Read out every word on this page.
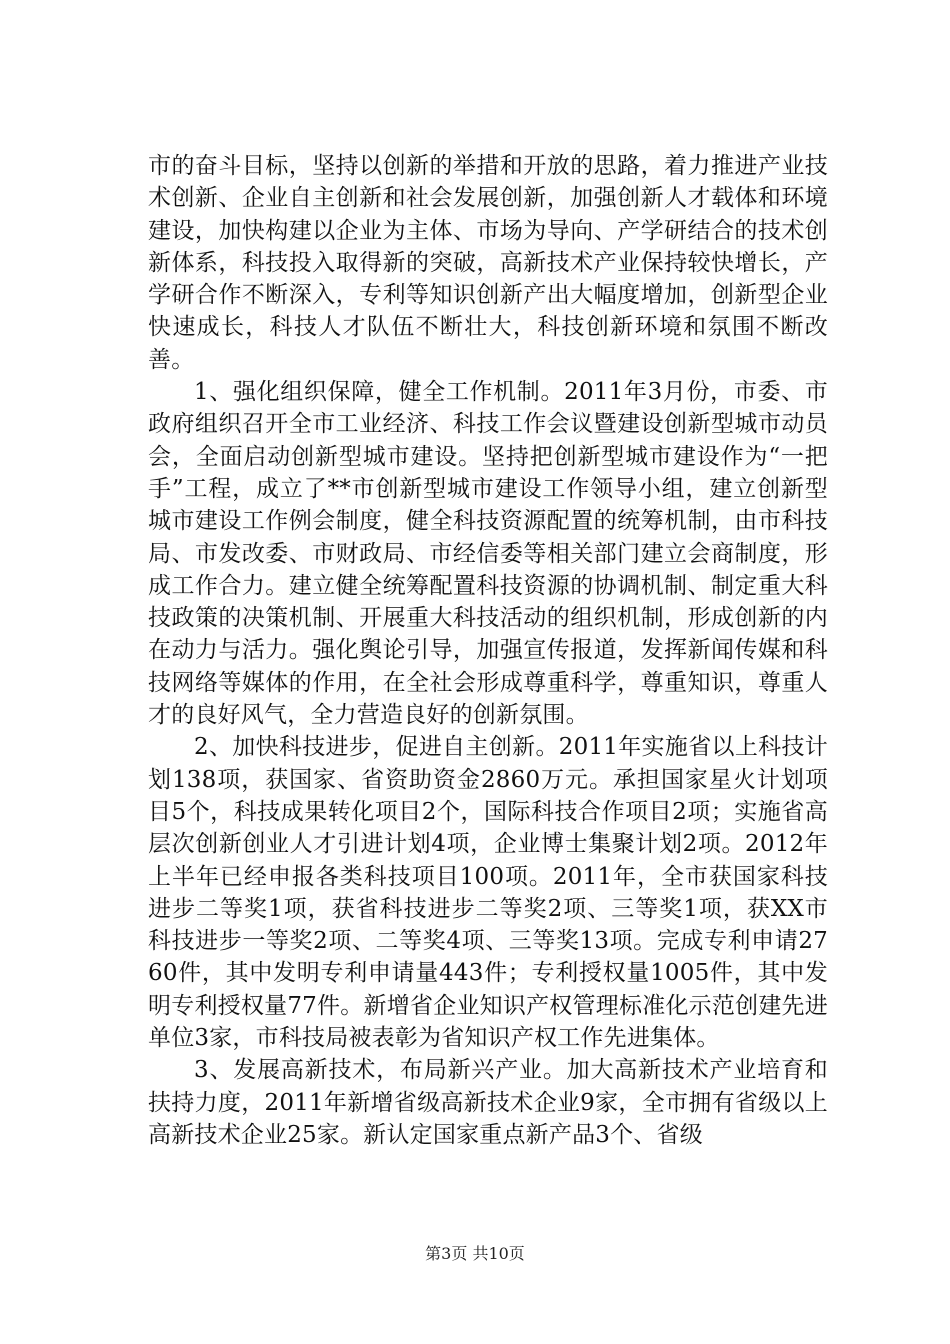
市的奋斗目标，坚持以创新的举措和开放的思路，着力推进产业技术创新、企业自主创新和社会发展创新，加强创新人才载体和环境建设，加快构建以企业为主体、市场为导向、产学研结合的技术创新体系，科技投入取得新的突破，高新技术产业保持较快增长，产学研合作不断深入，专利等知识创新产出大幅度增加，创新型企业快速成长，科技人才队伍不断壮大，科技创新环境和氛围不断改善。

1、强化组织保障，健全工作机制。2011年3月份，市委、市政府组织召开全市工业经济、科技工作会议暨建设创新型城市动员会，全面启动创新型城市建设。坚持把创新型城市建设作为“一把手”工程，成立了**市创新型城市建设工作领导小组，建立创新型城市建设工作例会制度，健全科技资源配置的统筹机制，由市科技局、市发改委、市财政局、市经信委等相关部门建立会商制度，形成工作合力。建立健全统筹配置科技资源的协调机制、制定重大科技政策的决策机制、开展重大科技活动的组织机制，形成创新的内在动力与活力。强化舆论引导，加强宣传报道，发挥新闻传媒和科技网络等媒体的作用，在全社会形成尊重科学，尊重知识，尊重人才的良好风气，全力营造良好的创新氛围。

2、加快科技进步，促进自主创新。2011年实施省以上科技计划138项，获国家、省资助资金2860万元。承担国家星火计划项目5个，科技成果转化项目2个，国际科技合作项目2项；实施省高层次创新创业人才引进计划4项，企业博士集聚计划2项。2012年上半年已经申报各类科技项目100项。2011年，全市获国家科技进步二等奖1项，获省科技进步二等奖2项、三等奖1项，获XX市科技进步一等奖2项、二等奖4项、三等奖13项。完成专利申请2760件，其中发明专利申请量443件；专利授权量1005件，其中发明专利授权量77件。新增省企业知识产权管理标准化示范创建先进单位3家，市科技局被表彰为省知识产权工作先进集体。

3、发展高新技术，布局新兴产业。加大高新技术产业培育和扶持力度，2011年新增省级高新技术企业9家，全市拥有省级以上高新技术企业25家。新认定国家重点新产品3个、省级

第3页 共10页
